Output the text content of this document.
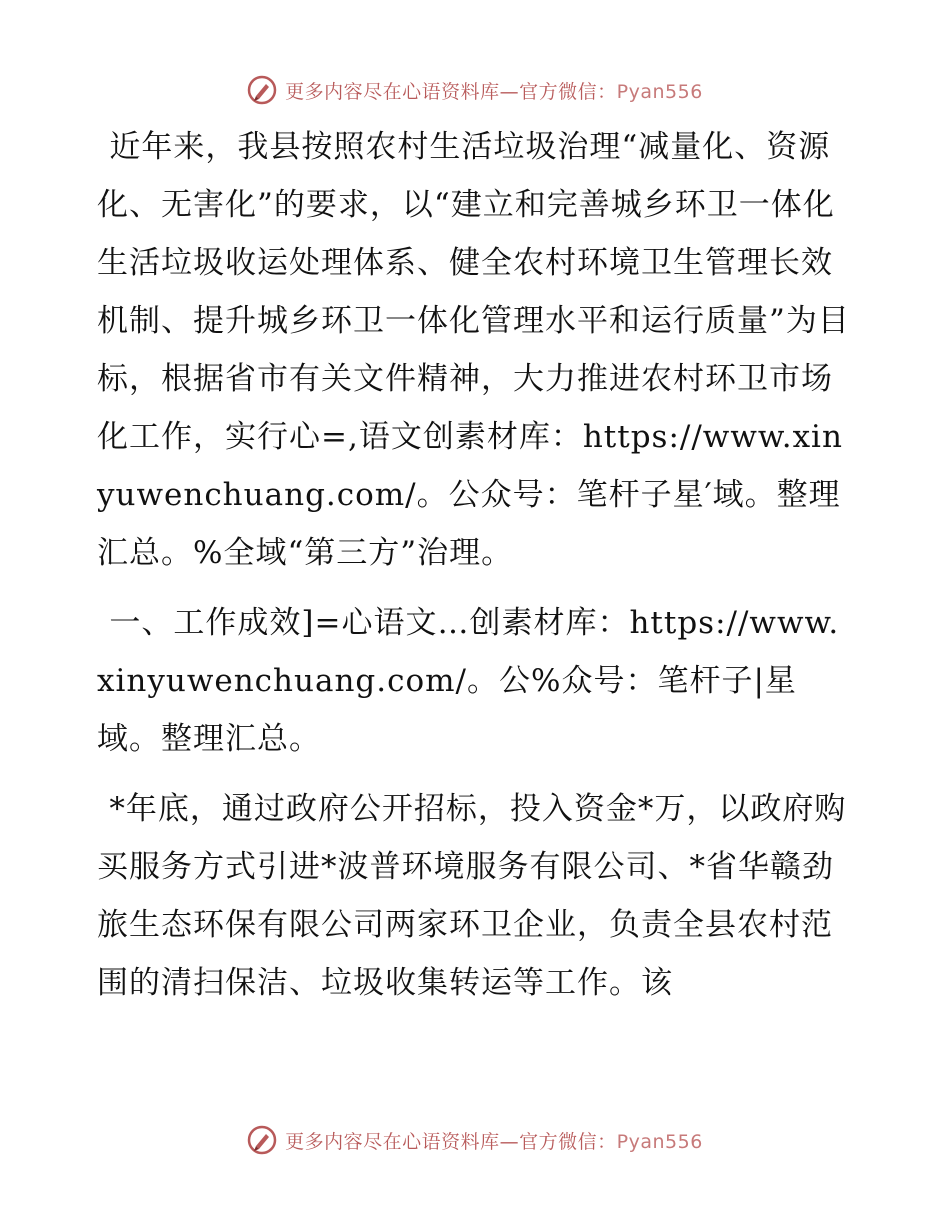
更多内容尽在心语资料库—官方微信：Pyan556

近年来，我县按照农村生活垃圾治理“减量化、资源化、无害化”的要求，以“建立和完善城乡环卫一体化生活垃圾收运处理体系、健全农村环境卫生管理长效机制、提升城乡环卫一体化管理水平和运行质量”为目标，根据省市有关文件精神，大力推进农村环卫市场化工作，实行心=,语文创素材库：https://www.xinyuwenchuang.com/。公众号：笔杆子星′域。整理汇总。%全域“第三方”治理。

一、工作成效]=心语文…创素材库：https://www.xinyuwenchuang.com/。公%众号：笔杆子|星域。整理汇总。

*年底，通过政府公开招标，投入资金*万，以政府购买服务方式引进*波普环境服务有限公司、*省华赣劲旅生态环保有限公司两家环卫企业，负责全县农村范围的清扫保洁、垃圾收集转运等工作。该

更多内容尽在心语资料库—官方微信：Pyan556
